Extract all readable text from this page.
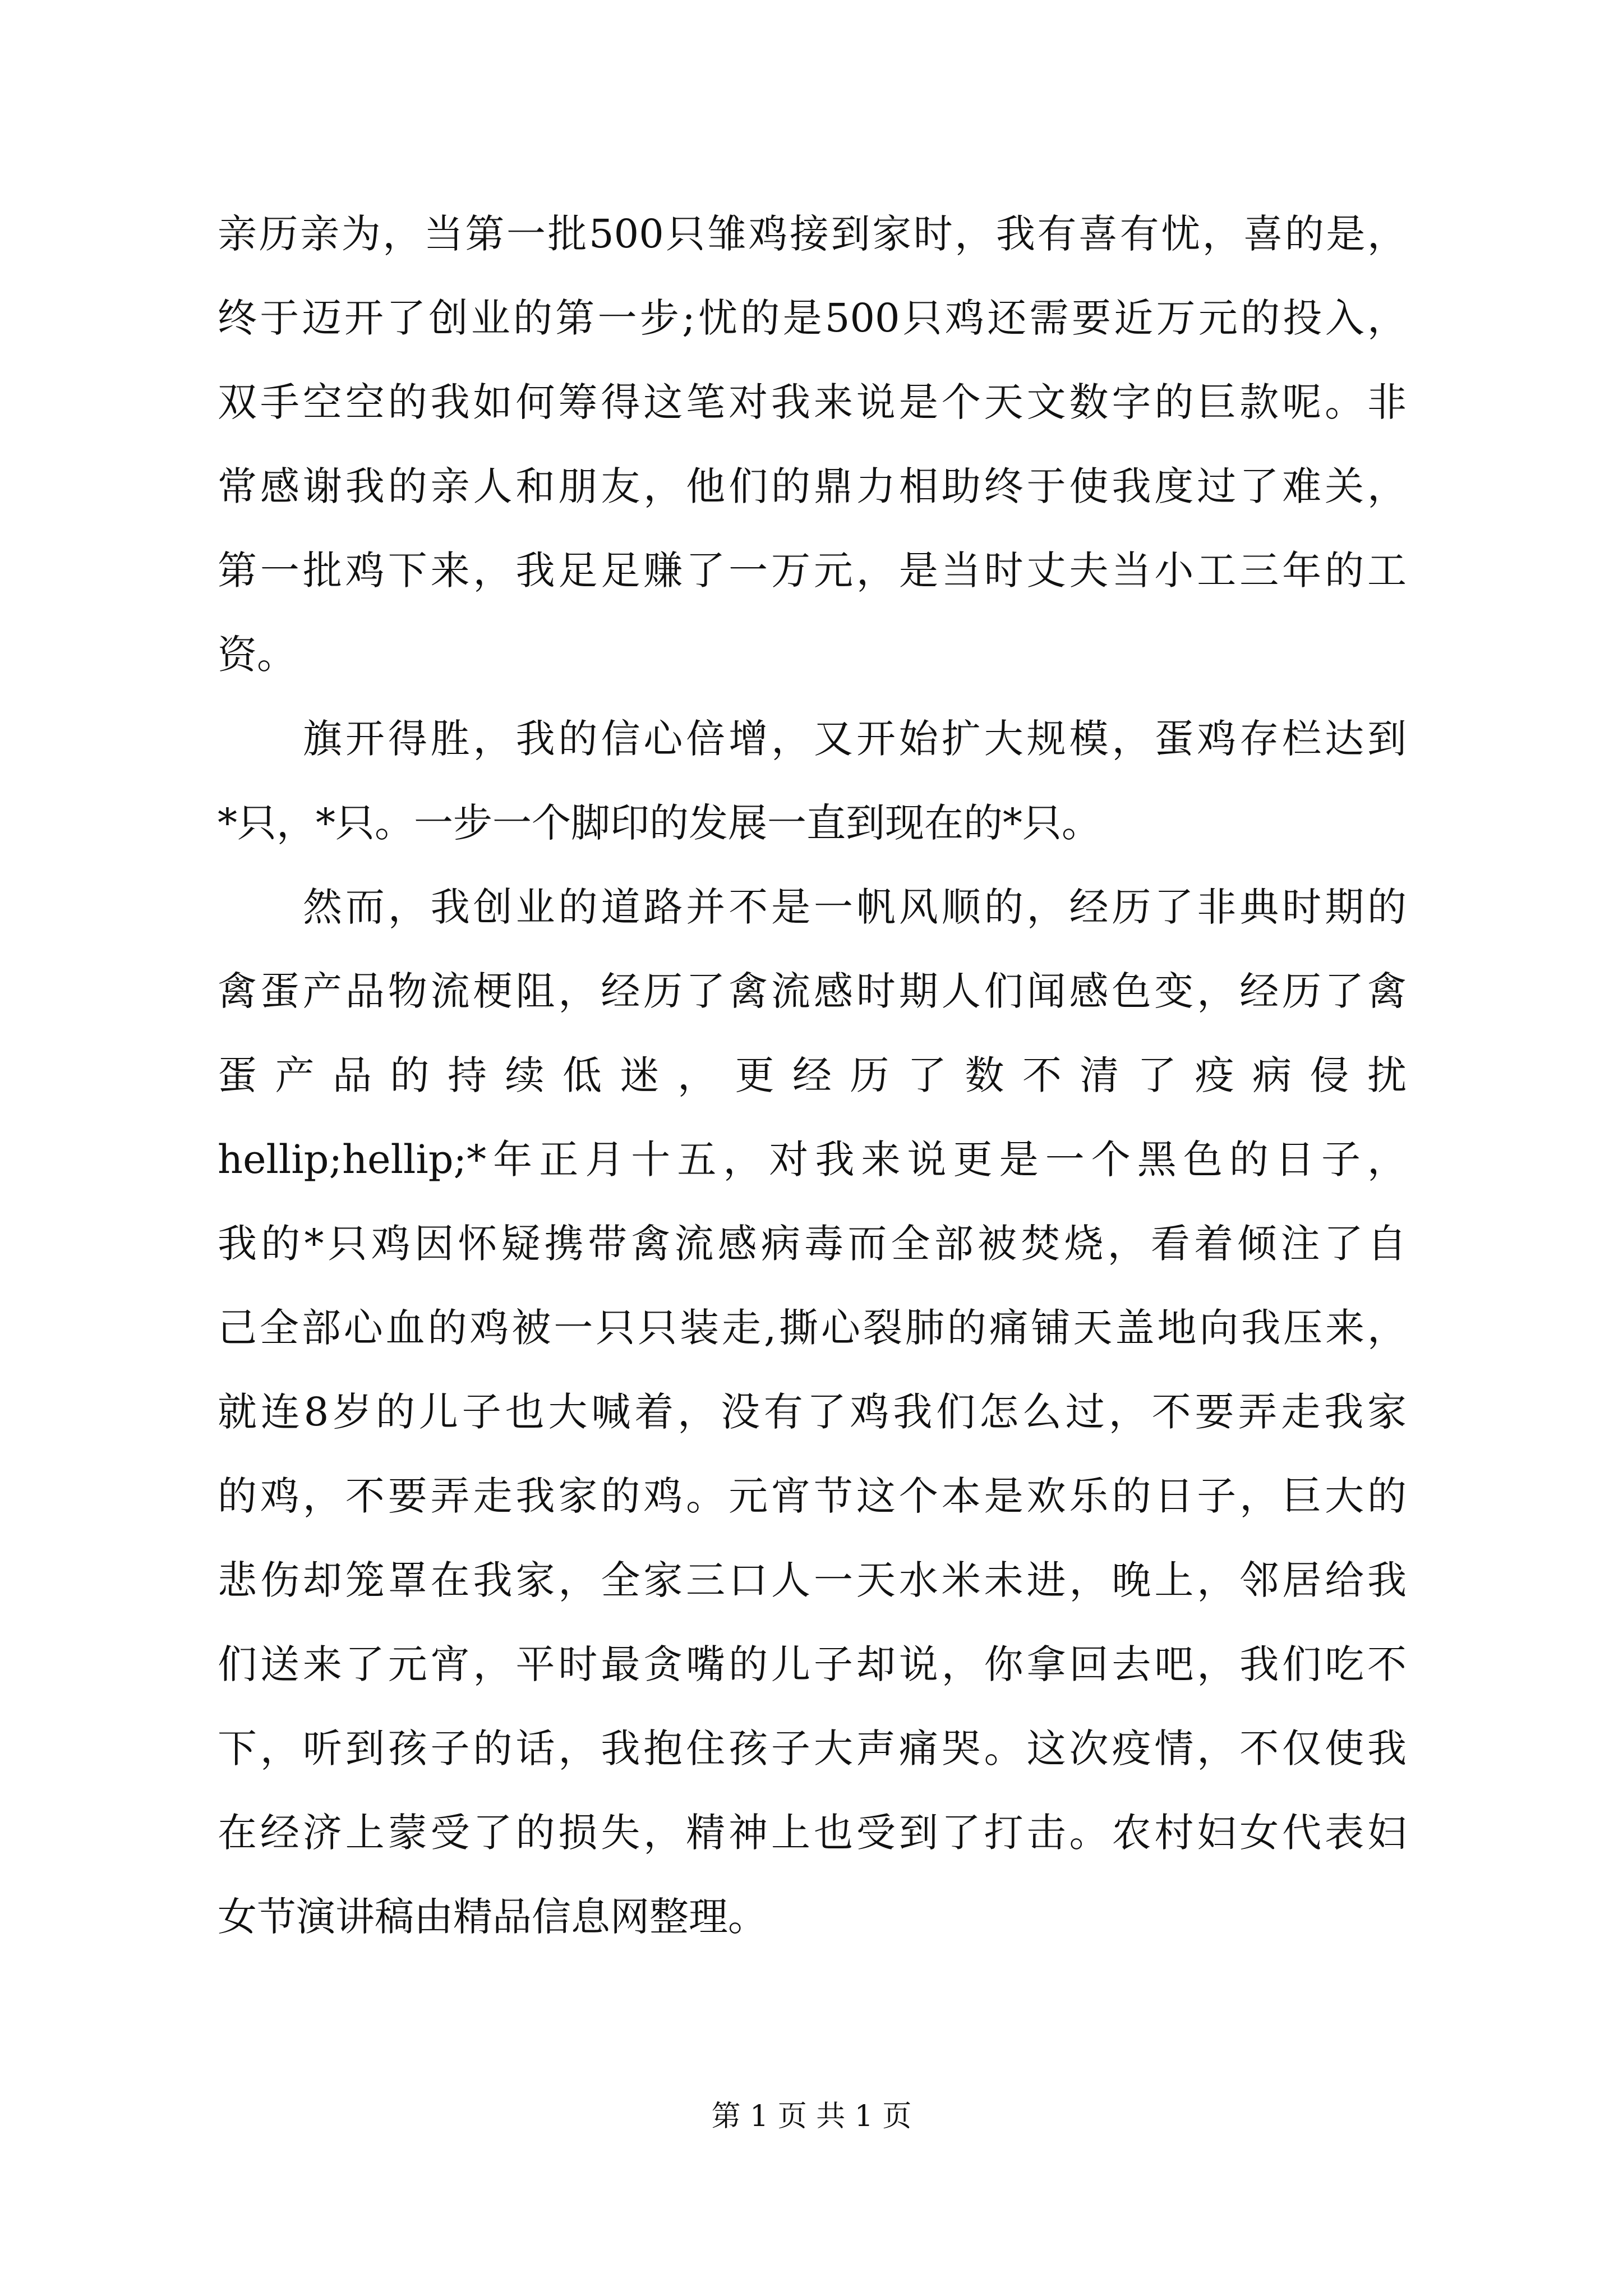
亲历亲为，当第一批500只雏鸡接到家时，我有喜有忧，喜的是，
终于迈开了创业的第一步;忧的是500只鸡还需要近万元的投入，
双手空空的我如何筹得这笔对我来说是个天文数字的巨款呢。非
常感谢我的亲人和朋友，他们的鼎力相助终于使我度过了难关，
第一批鸡下来，我足足赚了一万元，是当时丈夫当小工三年的工
资。
旗开得胜，我的信心倍增，又开始扩大规模，蛋鸡存栏达到
*只，*只。一步一个脚印的发展一直到现在的*只。
然而，我创业的道路并不是一帆风顺的，经历了非典时期的
禽蛋产品物流梗阻，经历了禽流感时期人们闻感色变，经历了禽
蛋产品的持续低迷，更经历了数不清了疫病侵扰
hellip;hellip;*年正月十五，对我来说更是一个黑色的日子，
我的*只鸡因怀疑携带禽流感病毒而全部被焚烧，看着倾注了自
己全部心血的鸡被一只只装走,撕心裂肺的痛铺天盖地向我压来，
就连8岁的儿子也大喊着，没有了鸡我们怎么过，不要弄走我家
的鸡，不要弄走我家的鸡。元宵节这个本是欢乐的日子，巨大的
悲伤却笼罩在我家，全家三口人一天水米未进，晚上，邻居给我
们送来了元宵，平时最贪嘴的儿子却说，你拿回去吧，我们吃不
下，听到孩子的话，我抱住孩子大声痛哭。这次疫情，不仅使我
在经济上蒙受了的损失，精神上也受到了打击。农村妇女代表妇
女节演讲稿由精品信息网整理。
第 1 页 共 1 页
